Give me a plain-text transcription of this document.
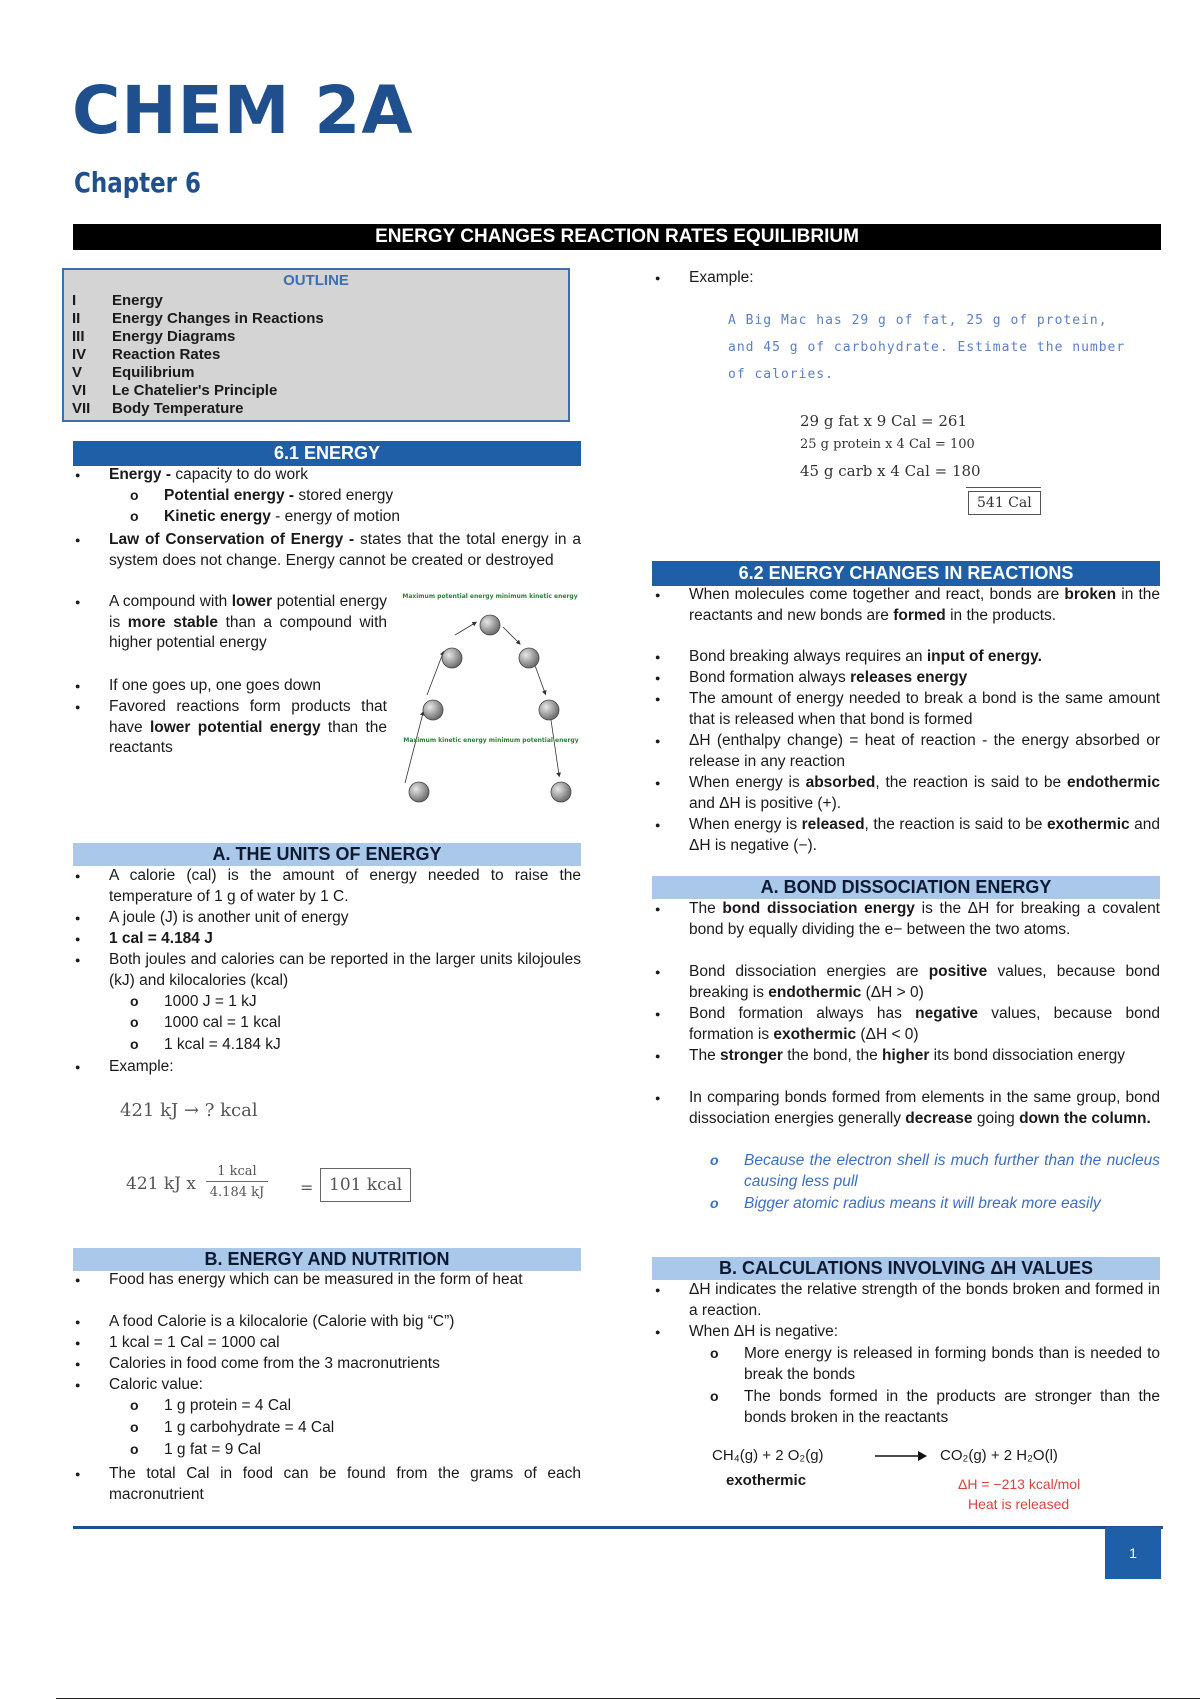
CHEM 2A
Chapter 6
ENERGY CHANGES REACTION RATES EQUILIBRIUM
OUTLINE
I Energy
II Energy Changes in Reactions
III Energy Diagrams
IV Reaction Rates
V Equilibrium
VI Le Chatelier's Principle
VII Body Temperature
6.1 ENERGY
● Energy - capacity to do work
o Potential energy - stored energy
o Kinetic energy - energy of motion
● Law of Conservation of Energy - states that the total energy in a system does not change. Energy cannot be created or destroyed
● A compound with lower potential energy is more stable than a compound with higher potential energy
● If one goes up, one goes down
● Favored reactions form products that have lower potential energy than the reactants
Maximum potential energy minimum kinetic energy
Maximum kinetic energy minimum potential energy
A. THE UNITS OF ENERGY
● A calorie (cal) is the amount of energy needed to raise the temperature of 1 g of water by 1 C.
● A joule (J) is another unit of energy
● 1 cal = 4.184 J
● Both joules and calories can be reported in the larger units kilojoules (kJ) and kilocalories (kcal)
o 1000 J = 1 kJ
o 1000 cal = 1 kcal
o 1 kcal = 4.184 kJ
● Example:
421 kJ → ? kcal
421 kJ x
1 kcal
4.184 kJ = 101 kcal
B. ENERGY AND NUTRITION
● Food has energy which can be measured in the form of heat
● A food Calorie is a kilocalorie (Calorie with big “C”)
● 1 kcal = 1 Cal = 1000 cal
● Calories in food come from the 3 macronutrients
● Caloric value:
o 1 g protein = 4 Cal
o 1 g carbohydrate = 4 Cal
o 1 g fat = 9 Cal
● The total Cal in food can be found from the grams of each macronutrient
● Example:
A Big Mac has 29 g of fat, 25 g of protein,
and 45 g of carbohydrate. Estimate the number
of calories.
29 g fat x 9 Cal = 261
25 g protein x 4 Cal = 100
45 g carb x 4 Cal = 180
541 Cal
6.2 ENERGY CHANGES IN REACTIONS
● When molecules come together and react, bonds are broken in the reactants and new bonds are formed in the products.
● Bond breaking always requires an input of energy.
● Bond formation always releases energy
● The amount of energy needed to break a bond is the same amount that is released when that bond is formed
● ΔH (enthalpy change) = heat of reaction - the energy absorbed or release in any reaction
● When energy is absorbed, the reaction is said to be endothermic and ΔH is positive (+).
● When energy is released, the reaction is said to be exothermic and ΔH is negative (−).
A. BOND DISSOCIATION ENERGY
● The bond dissociation energy is the ΔH for breaking a covalent bond by equally dividing the e− between the two atoms.
● Bond dissociation energies are positive values, because bond breaking is endothermic (ΔH > 0)
● Bond formation always has negative values, because bond formation is exothermic (ΔH < 0)
● The stronger the bond, the higher its bond dissociation energy
● In comparing bonds formed from elements in the same group, bond dissociation energies generally decrease going down the column.
o Because the electron shell is much further than the nucleus causing less pull
o Bigger atomic radius means it will break more easily
B. CALCULATIONS INVOLVING ΔH VALUES
● ΔH indicates the relative strength of the bonds broken and formed in a reaction.
● When ΔH is negative:
o More energy is released in forming bonds than is needed to break the bonds
o The bonds formed in the products are stronger than the bonds broken in the reactants
CH₄(g) + 2 O₂(g)	→ CO₂(g) + 2 H₂O(l)
exothermic	ΔH = −213 kcal/mol
Heat is released
1
